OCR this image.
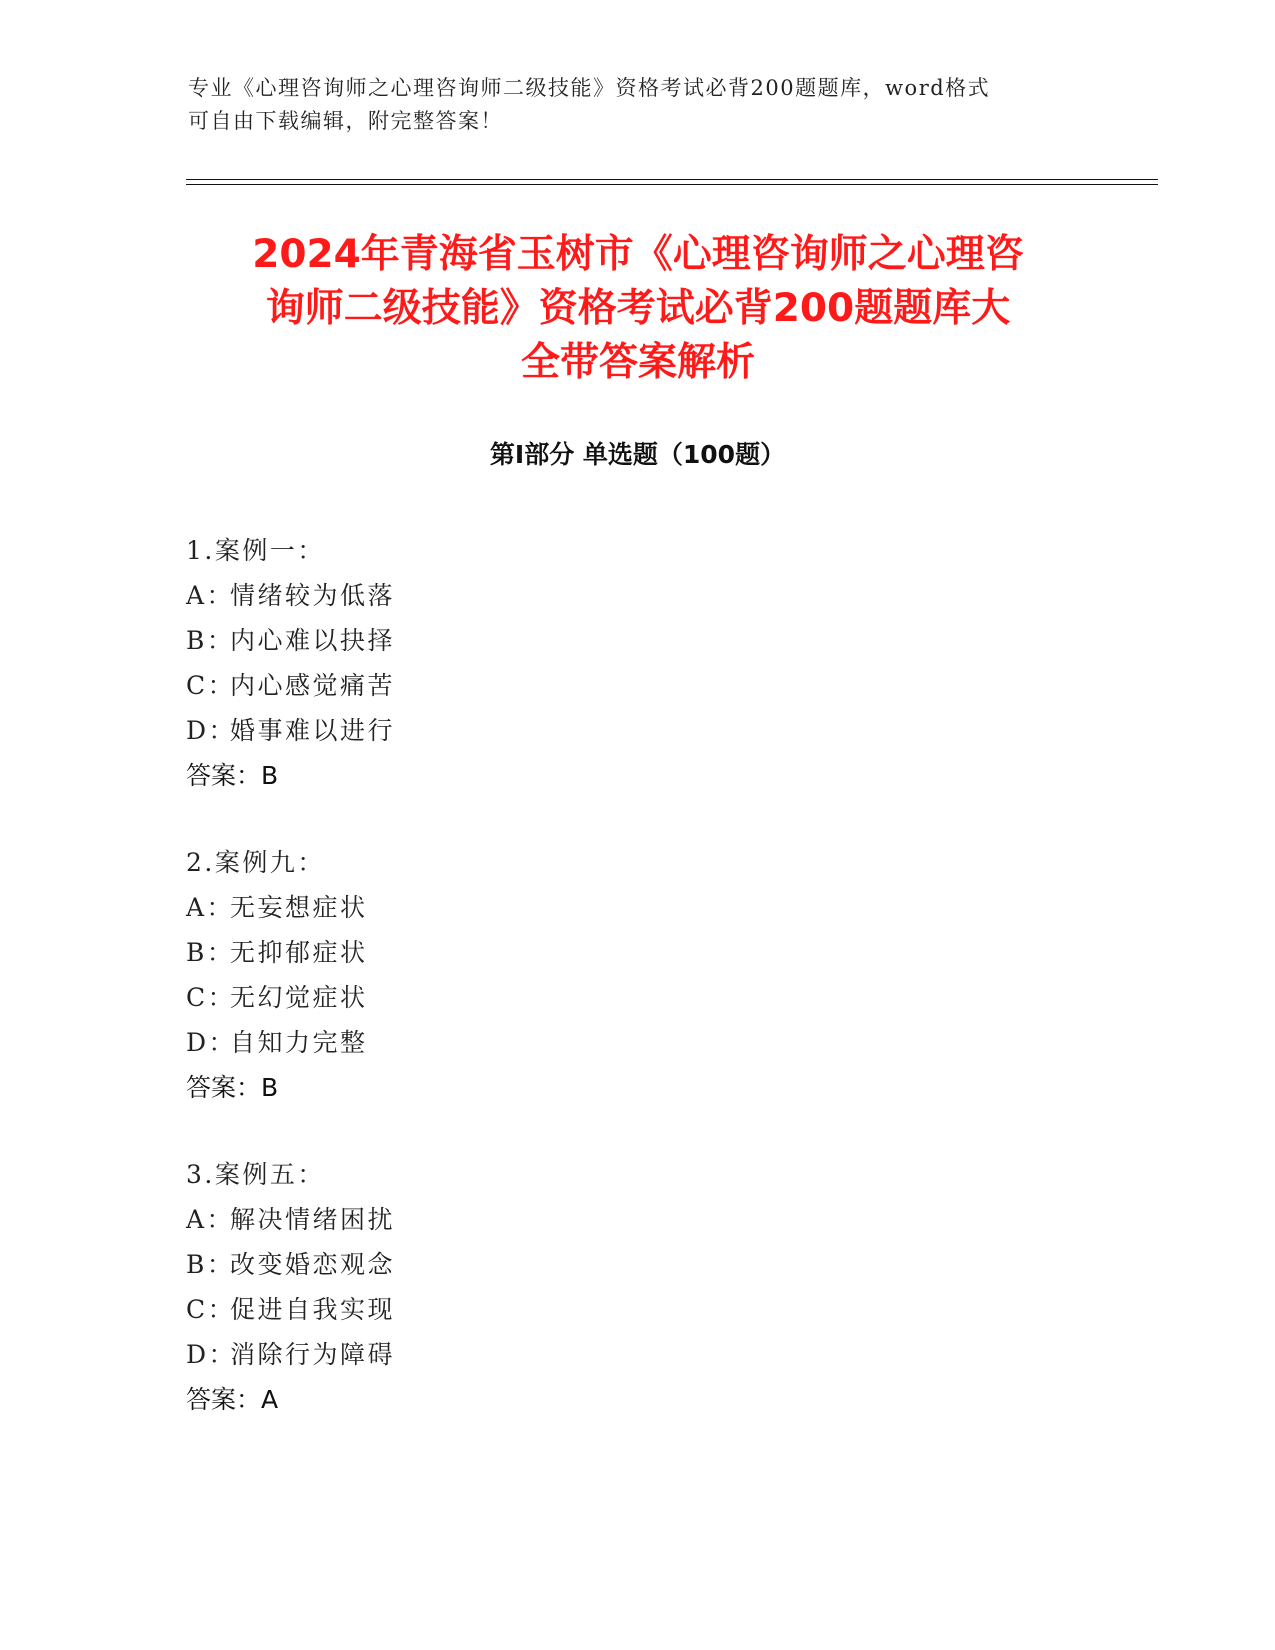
专业《心理咨询师之心理咨询师二级技能》资格考试必背200题题库，word格式
可自由下载编辑，附完整答案！
2024年青海省玉树市《心理咨询师之心理咨
询师二级技能》资格考试必背200题题库大
全带答案解析
第Ⅰ部分 单选题（100题）
1.案例一：
A：情绪较为低落
B：内心难以抉择
C：内心感觉痛苦
D：婚事难以进行
答案：B
2.案例九：
A：无妄想症状
B：无抑郁症状
C：无幻觉症状
D：自知力完整
答案：B
3.案例五：
A：解决情绪困扰
B：改变婚恋观念
C：促进自我实现
D：消除行为障碍
答案：A
